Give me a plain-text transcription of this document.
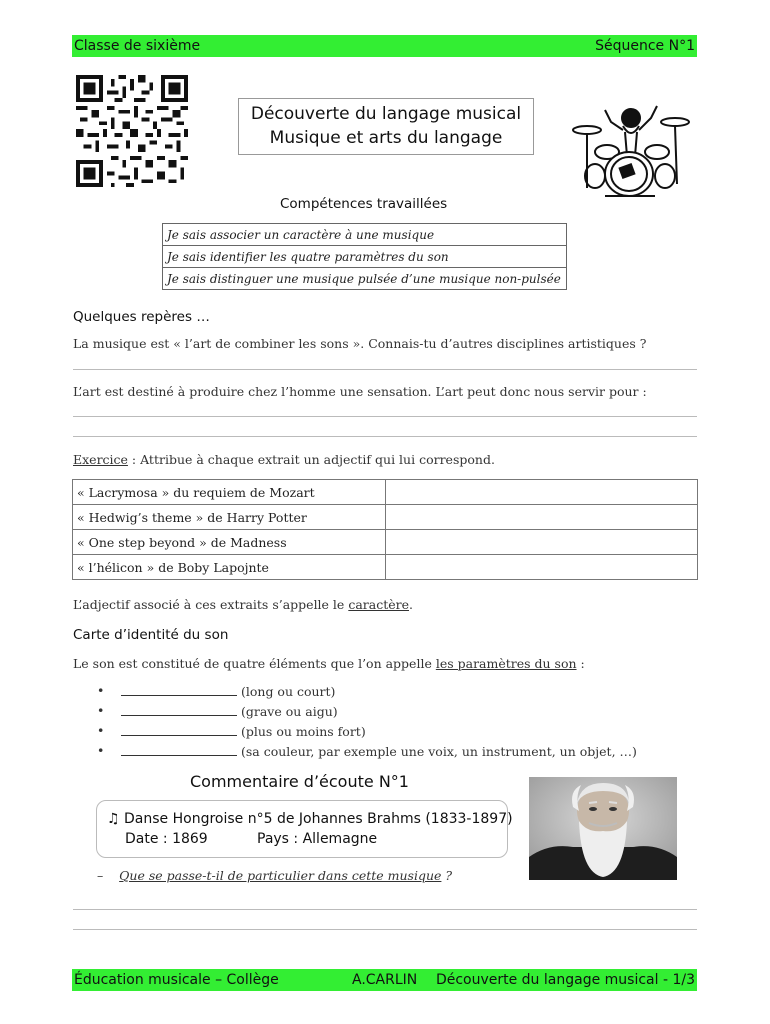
Classe de sixième	Séquence N°1
Découverte du langage musical
Musique et arts du langage
Compétences travaillées
Je sais associer un caractère à une musique
Je sais identifier les quatre paramètres du son
Je sais distinguer une musique pulsée d’une musique non-pulsée
Quelques repères …
La musique est « l’art de combiner les sons ». Connais-tu d’autres disciplines artistiques ?
L’art est destiné à produire chez l’homme une sensation. L’art peut donc nous servir pour :
Exercice : Attribue à chaque extrait un adjectif qui lui correspond.
« Lacrymosa » du requiem de Mozart	
« Hedwig’s theme » de Harry Potter	
« One step beyond » de Madness	
« l’hélicon » de Boby Lapojnte	
L’adjectif associé à ces extraits s’appelle le caractère.
Carte d’identité du son
Le son est constitué de quatre éléments que l’on appelle les paramètres du son :
•	(long ou court)
•	(grave ou aigu)
•	(plus ou moins fort)
•	(sa couleur, par exemple une voix, un instrument, un objet, …)
Commentaire d’écoute N°1
♫ Danse Hongroise n°5 de Johannes Brahms (1833-1897)
Date : 1869	Pays : Allemagne
– Que se passe-t-il de particulier dans cette musique ?
Éducation musicale – Collège	A.CARLIN Découverte du langage musical - 1/3
